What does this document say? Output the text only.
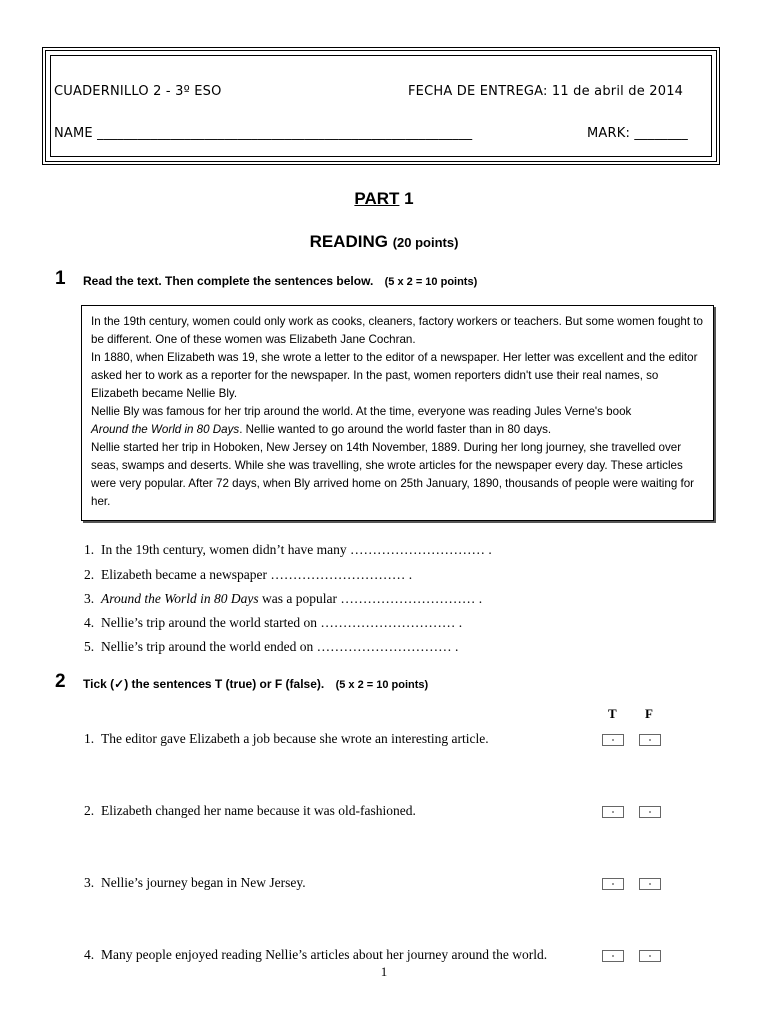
CUADERNILLO 2 - 3º ESO	FECHA DE ENTREGA: 11 de abril de 2014
NAME ________________________________________________________	MARK: ________
PART 1
READING (20 points)
1 Read the text. Then complete the sentences below. (5 x 2 = 10 points)

In the 19th century, women could only work as cooks, cleaners, factory workers or teachers. But some women fought to be different. One of these women was Elizabeth Jane Cochran.

In 1880, when Elizabeth was 19, she wrote a letter to the editor of a newspaper. Her letter was excellent and the editor asked her to work as a reporter for the newspaper. In the past, women reporters didn't use their real names, so Elizabeth became Nellie Bly.

Nellie Bly was famous for her trip around the world. At the time, everyone was reading Jules Verne's book
Around the World in 80 Days. Nellie wanted to go around the world faster than in 80 days.

Nellie started her trip in Hoboken, New Jersey on 14th November, 1889. During her long journey, she travelled over seas, swamps and deserts. While she was travelling, she wrote articles for the newspaper every day. These articles were very popular. After 72 days, when Bly arrived home on 25th January, 1890, thousands of people were waiting for her.

1. In the 19th century, women didn’t have many ………………………… .
2. Elizabeth became a newspaper ………………………… .
3. Around the World in 80 Days was a popular ………………………… .
4. Nellie’s trip around the world started on ………………………… .
5. Nellie’s trip around the world ended on ………………………… .
2 Tick (✓) the sentences T (true) or F (false). (5 x 2 = 10 points)
T F
1. The editor gave Elizabeth a job because she wrote an interesting article.
2. Elizabeth changed her name because it was old-fashioned.
3. Nellie’s journey began in New Jersey.
4. Many people enjoyed reading Nellie’s articles about her journey around the world.
1
